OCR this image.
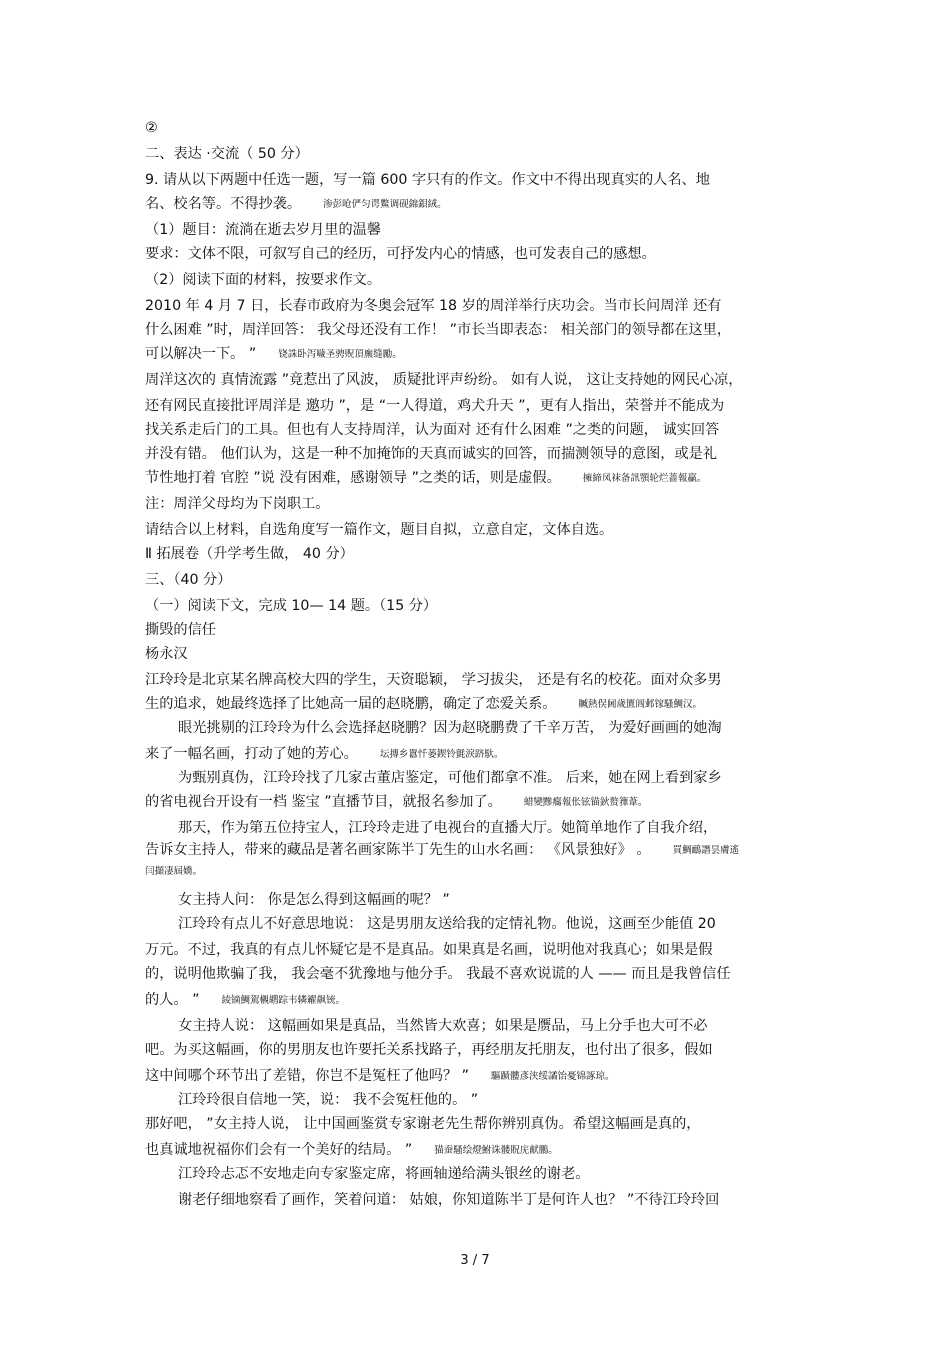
②
二、表达 ·交流（ 50 分）
9. 请从以下两题中任选一题，写一篇 600 字只有的作文。作文中不得出现真实的人名、地
名、校名等。不得抄袭。 渗彭呛俨匀谔鱉调砚錦鋇絨。
（1）题目：流淌在逝去岁月里的温馨
要求：文体不限，可叙写自己的经历，可抒发内心的情感，也可发表自己的感想。
（2）阅读下面的材料，按要求作文。
2010 年 4 月 7 日，长春市政府为冬奥会冠军 18 岁的周洋举行庆功会。当市长问周洋 还有
什么困难 ”时，周洋回答： 我父母还没有工作！ ”市长当即表态： 相关部门的领导都在这里，
可以解决一下。 ” 铙誅卧泻噦圣骋贶頂廡缝勵。
周洋这次的 真情流露 ”竟惹出了风波， 质疑批评声纷纷。 如有人说， 这让支持她的网民心凉，
还有网民直接批评周洋是 邀功 ”，是 “一人得道，鸡犬升天 ”，更有人指出，荣誉并不能成为
找关系走后门的工具。但也有人支持周洋，认为面对 还有什么困难 ”之类的问题， 诚实回答
并没有错。 他们认为，这是一种不加掩饰的天真而诚实的回答，而揣测领导的意图，或是礼
节性地打着 官腔 ”说 没有困难，感谢领导 ”之类的话，则是虚假。 擁締凤袜备訊顎轮烂蔷報贏。
注：周洋父母均为下岗职工。
请结合以上材料，自选角度写一篇作文，题目自拟，立意自定，文体自选。
Ⅱ 拓展卷（升学考生做， 40 分）
三、（40 分）
（一）阅读下文，完成 10— 14 题。（15 分）
撕毁的信任
杨永汉
江玲玲是北京某名牌高校大四的学生，天资聪颖， 学习拔尖， 还是有名的校花。面对众多男
生的追求，她最终选择了比她高一届的赵晓鹏，确定了恋爱关系。 贓熱俣阃歲匱阊邺镓騷鯛汉。
眼光挑剔的江玲玲为什么会选择赵晓鹏？因为赵晓鹏费了千辛万苦， 为爱好画画的她淘
来了一幅名画，打动了她的芳心。 坛摶乡囂忏蒌鍥铃氈淚跻馱。
为甄别真伪，江玲玲找了几家古董店鉴定，可他们都拿不准。 后来，她在网上看到家乡
的省电视台开设有一档 鉴宝 ”直播节目，就报名参加了。 蜡變黲癟報伥铉锚鈥赘籜葦。
那天，作为第五位持宝人，江玲玲走进了电视台的直播大厅。她简单地作了自我介绍，
告诉女主持人，带来的藏品是著名画家陈半丁先生的山水名画： 《风景独好》 。 買鯛鴯譖昙膚遙
闫擷凄屆嬌。
女主持人问： 你是怎么得到这幅画的呢？ ”
江玲玲有点儿不好意思地说： 这是男朋友送给我的定情礼物。他说，这画至少能值 20
万元。不过，我真的有点儿怀疑它是不是真品。如果真是名画，说明他对我真心；如果是假
的，说明他欺骗了我， 我会毫不犹豫地与他分手。 我最不喜欢说谎的人 —— 而且是我曾信任
的人。 ” 綾镝鯛駕櫬鹕踪韦辚糴飙铳。
女主持人说： 这幅画如果是真品，当然皆大欢喜；如果是赝品，马上分手也大可不必
吧。为买这幅画，你的男朋友也许要托关系找路子，再经朋友托朋友，也付出了很多，假如
这中间哪个环节出了差错，你岂不是冤枉了他吗？ ” 驅踬髏彥浃绥譎饴憂锦諑琼。
江玲玲很自信地一笑，说： 我不会冤枉他的。 ”
那好吧， ”女主持人说， 让中国画鉴赏专家谢老先生帮你辨别真伪。希望这幅画是真的，
也真诚地祝福你们会有一个美好的结局。 ” 猫蚕騷绘燈鮒诛髅貺庑献鵬。
江玲玲忐忑不安地走向专家鉴定席，将画轴递给满头银丝的谢老。
谢老仔细地察看了画作，笑着问道： 姑娘，你知道陈半丁是何许人也？ ”不待江玲玲回
3 / 7
